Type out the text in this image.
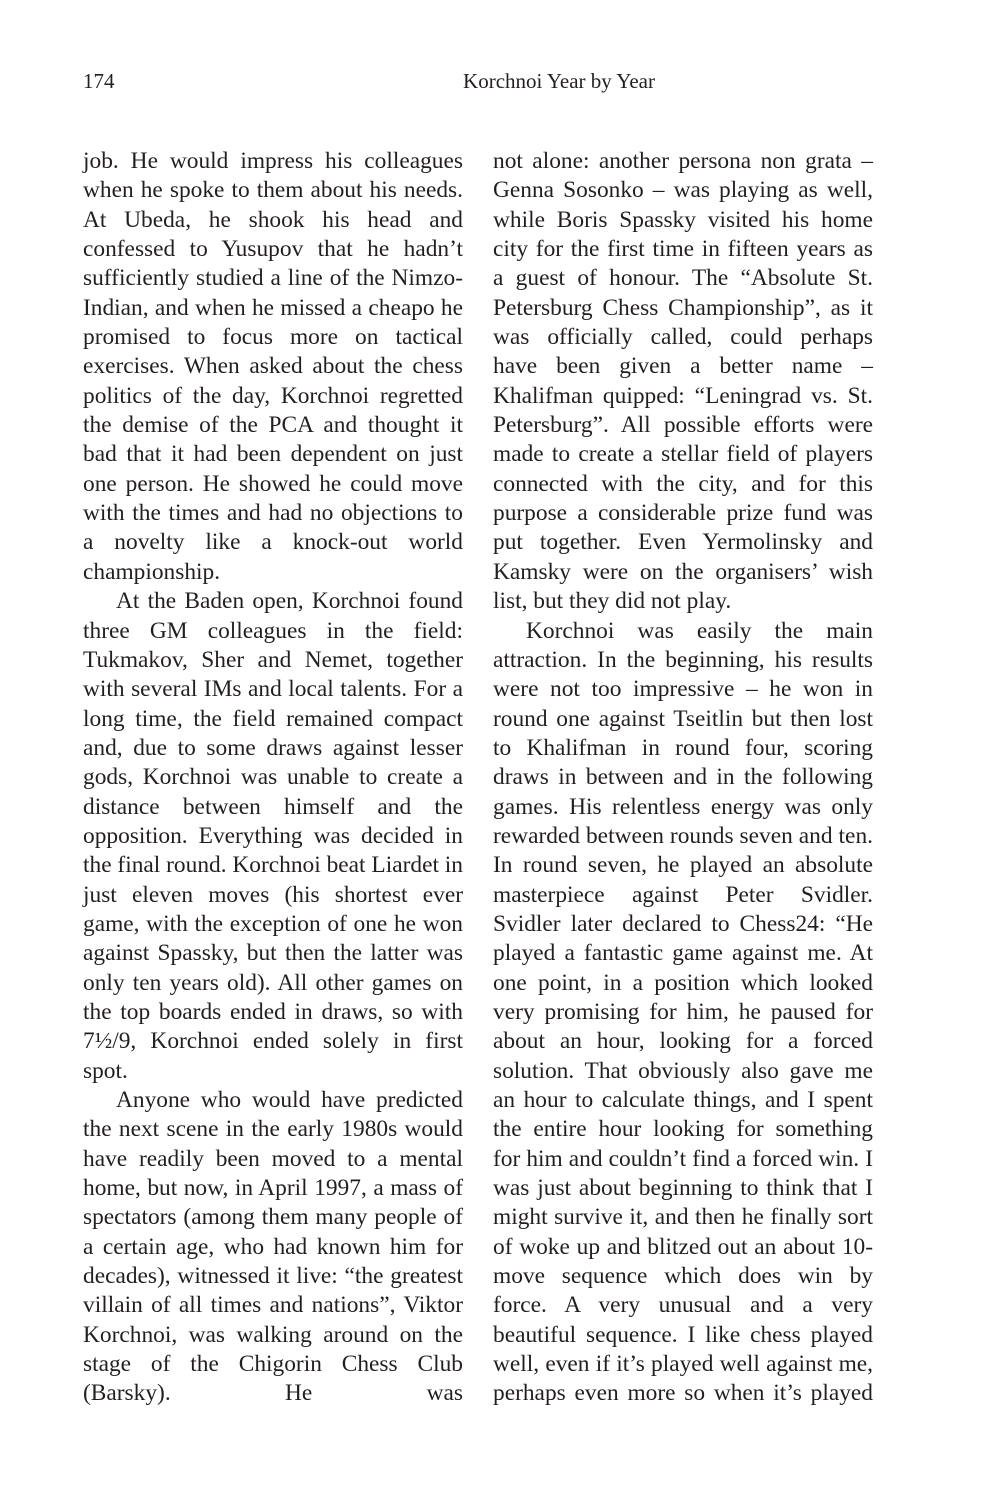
174	Korchnoi Year by Year

job. He would impress his colleagues when he spoke to them about his needs. At Ubeda, he shook his head and confessed to Yusupov that he hadn’t sufficiently studied a line of the Nimzo-Indian, and when he missed a cheapo he promised to focus more on tactical exercises. When asked about the chess politics of the day, Korchnoi regretted the demise of the PCA and thought it bad that it had been dependent on just one person. He showed he could move with the times and had no objections to a novelty like a knock-out world championship.

At the Baden open, Korchnoi found three GM colleagues in the field: Tukmakov, Sher and Nemet, together with several IMs and local talents. For a long time, the field remained compact and, due to some draws against lesser gods, Korchnoi was unable to create a distance between himself and the opposition. Everything was decided in the final round. Korchnoi beat Liardet in just eleven moves (his shortest ever game, with the exception of one he won against Spassky, but then the latter was only ten years old). All other games on the top boards ended in draws, so with 7½/9, Korchnoi ended solely in first spot.

Anyone who would have predicted the next scene in the early 1980s would have readily been moved to a mental home, but now, in April 1997, a mass of spectators (among them many people of a certain age, who had known him for decades), witnessed it live: “the greatest villain of all times and nations”, Viktor Korchnoi, was walking around on the stage of the Chigorin Chess Club (Barsky). He was

not alone: another persona non grata – Genna Sosonko – was playing as well, while Boris Spassky visited his home city for the first time in fifteen years as a guest of honour. The “Absolute St. Petersburg Chess Championship”, as it was officially called, could perhaps have been given a better name – Khalifman quipped: “Leningrad vs. St. Petersburg”. All possible efforts were made to create a stellar field of players connected with the city, and for this purpose a considerable prize fund was put together. Even Yermolinsky and Kamsky were on the organisers’ wish list, but they did not play.

Korchnoi was easily the main attraction. In the beginning, his results were not too impressive – he won in round one against Tseitlin but then lost to Khalifman in round four, scoring draws in between and in the following games. His relentless energy was only rewarded between rounds seven and ten. In round seven, he played an absolute masterpiece against Peter Svidler. Svidler later declared to Chess24: “He played a fantastic game against me. At one point, in a position which looked very promising for him, he paused for about an hour, looking for a forced solution. That obviously also gave me an hour to calculate things, and I spent the entire hour looking for something for him and couldn’t find a forced win. I was just about beginning to think that I might survive it, and then he finally sort of woke up and blitzed out an about 10-move sequence which does win by force. A very unusual and a very beautiful sequence. I like chess played well, even if it’s played well against me, perhaps even more so when it’s played
